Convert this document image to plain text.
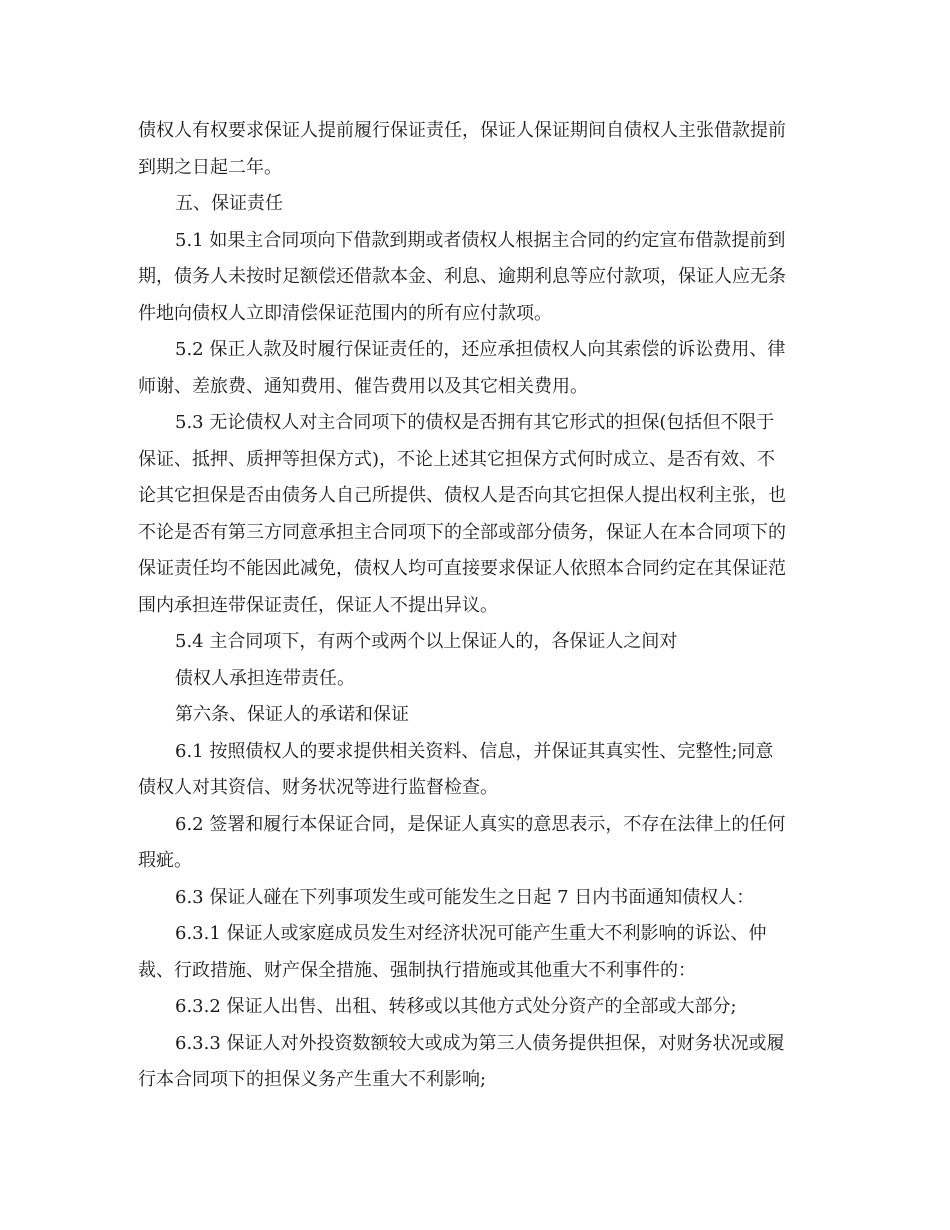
债权人有权要求保证人提前履行保证责任，保证人保证期间自债权人主张借款提前

到期之日起二年。

五、保证责任

5.1 如果主合同项向下借款到期或者债权人根据主合同的约定宣布借款提前到

期，债务人未按时足额偿还借款本金、利息、逾期利息等应付款项，保证人应无条

件地向债权人立即清偿保证范围内的所有应付款项。

5.2 保正人款及时履行保证责任的，还应承担债权人向其索偿的诉讼费用、律

师谢、差旅费、通知费用、催告费用以及其它相关费用。

5.3 无论债权人对主合同项下的债权是否拥有其它形式的担保(包括但不限于

保证、抵押、质押等担保方式)，不论上述其它担保方式何时成立、是否有效、不

论其它担保是否由债务人自己所提供、债权人是否向其它担保人提出权利主张，也

不论是否有第三方同意承担主合同项下的全部或部分债务，保证人在本合同项下的

保证责任均不能因此减免，债权人均可直接要求保证人依照本合同约定在其保证范

围内承担连带保证责任，保证人不提出异议。

5.4 主合同项下，有两个或两个以上保证人的，各保证人之间对

债权人承担连带责任。

第六条、保证人的承诺和保证

6.1 按照债权人的要求提供相关资料、信息，并保证其真实性、完整性;同意

债权人对其资信、财务状况等进行监督检查。

6.2 签署和履行本保证合同，是保证人真实的意思表示，不存在法律上的任何

瑕疵。

6.3 保证人碰在下列事项发生或可能发生之日起 7 日内书面通知债权人：

6.3.1 保证人或家庭成员发生对经济状况可能产生重大不利影响的诉讼、仲

裁、行政措施、财产保全措施、强制执行措施或其他重大不利事件的：

6.3.2 保证人出售、出租、转移或以其他方式处分资产的全部或大部分;

6.3.3 保证人对外投资数额较大或成为第三人债务提供担保，对财务状况或履

行本合同项下的担保义务产生重大不利影响;
